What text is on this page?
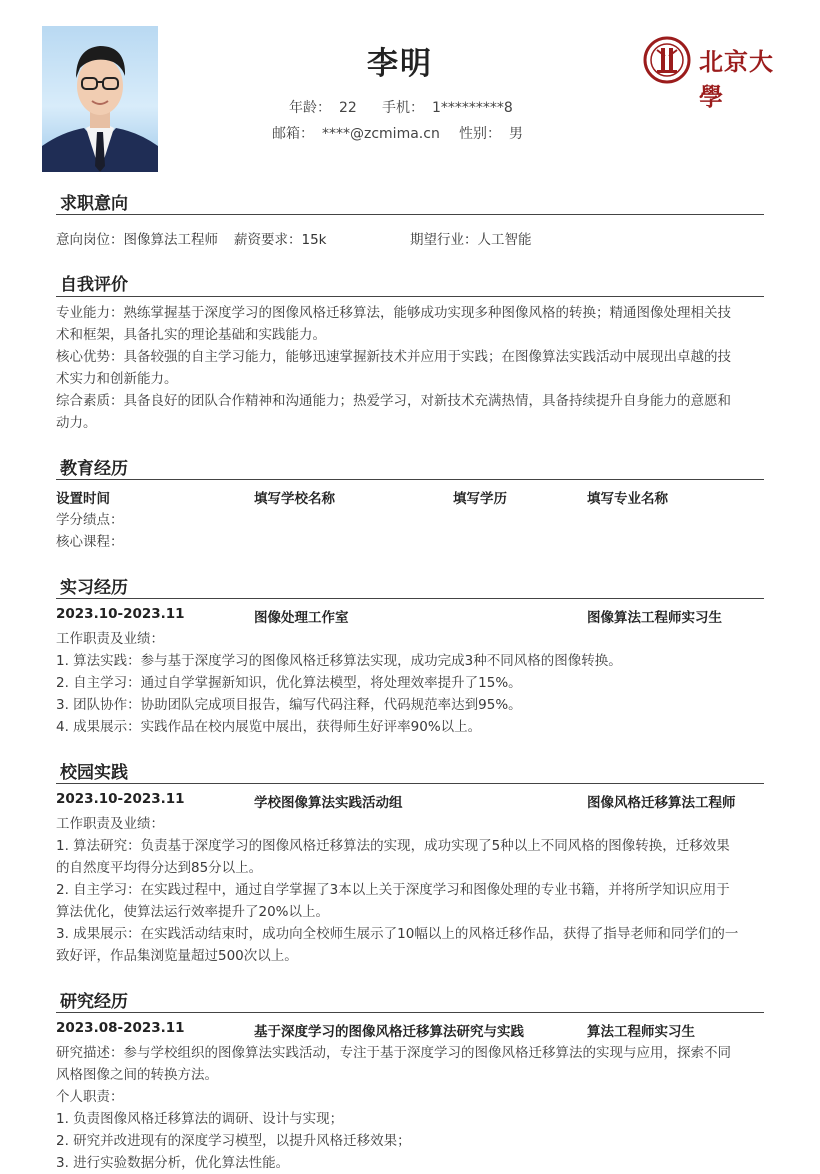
李明
年龄： 22 手机： 1*********8
邮箱： ****@zcmima.cn 性别： 男
北京大學
求职意向
意向岗位：图像算法工程师 薪资要求：15k	期望行业：人工智能
自我评价
专业能力：熟练掌握基于深度学习的图像风格迁移算法，能够成功实现多种图像风格的转换；精通图像处理相关技
术和框架，具备扎实的理论基础和实践能力。
核心优势：具备较强的自主学习能力，能够迅速掌握新技术并应用于实践；在图像算法实践活动中展现出卓越的技
术实力和创新能力。
综合素质：具备良好的团队合作精神和沟通能力；热爱学习，对新技术充满热情，具备持续提升自身能力的意愿和
动力。
教育经历
设置时间	填写学校名称	填写学历	填写专业名称
学分绩点：
核心课程：
实习经历
2023.10-2023.11	图像处理工作室	图像算法工程师实习生
工作职责及业绩：
1. 算法实践：参与基于深度学习的图像风格迁移算法实现，成功完成3种不同风格的图像转换。
2. 自主学习：通过自学掌握新知识，优化算法模型，将处理效率提升了15%。
3. 团队协作：协助团队完成项目报告，编写代码注释，代码规范率达到95%。
4. 成果展示：实践作品在校内展览中展出，获得师生好评率90%以上。
校园实践
2023.10-2023.11	学校图像算法实践活动组	图像风格迁移算法工程师
工作职责及业绩：
1. 算法研究：负责基于深度学习的图像风格迁移算法的实现，成功实现了5种以上不同风格的图像转换，迁移效果
的自然度平均得分达到85分以上。
2. 自主学习：在实践过程中，通过自学掌握了3本以上关于深度学习和图像处理的专业书籍，并将所学知识应用于
算法优化，使算法运行效率提升了20%以上。
3. 成果展示：在实践活动结束时，成功向全校师生展示了10幅以上的风格迁移作品，获得了指导老师和同学们的一
致好评，作品集浏览量超过500次以上。
研究经历
2023.08-2023.11	基于深度学习的图像风格迁移算法研究与实践	算法工程师实习生
研究描述：参与学校组织的图像算法实践活动，专注于基于深度学习的图像风格迁移算法的实现与应用，探索不同
风格图像之间的转换方法。
个人职责：
1. 负责图像风格迁移算法的调研、设计与实现；
2. 研究并改进现有的深度学习模型，以提升风格迁移效果；
3. 进行实验数据分析，优化算法性能。
